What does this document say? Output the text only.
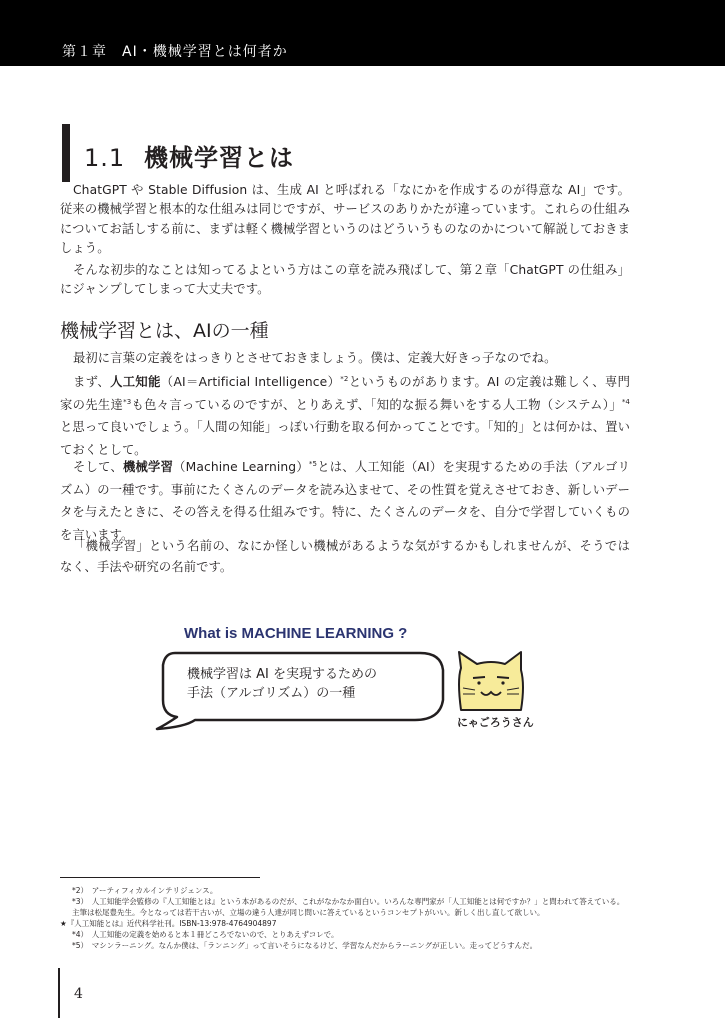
第１章　AI・機械学習とは何者か
1.1 機械学習とは

ChatGPT や Stable Diffusion は、生成 AI と呼ばれる「なにかを作成するのが得意な AI」です。従来の機械学習と根本的な仕組みは同じですが、サービスのありかたが違っています。これらの仕組みについてお話しする前に、まずは軽く機械学習というのはどういうものなのかについて解説しておきましょう。

そんな初歩的なことは知ってるよという方はこの章を読み飛ばして、第２章「ChatGPT の仕組み」にジャンプしてしまって大丈夫です。

機械学習とは、AIの一種

最初に言葉の定義をはっきりとさせておきましょう。僕は、定義大好きっ子なのでね。

まず、人工知能（AI＝Artificial Intelligence）$^{*2}$というものがあります。AI の定義は難しく、専門家の先生達$^{*3}$も色々言っているのですが、とりあえず、「知的な振る舞いをする人工物（システム）」$^{*4}$と思って良いでしょう。「人間の知能」っぽい行動を取る何かってことです。「知的」とは何かは、置いておくとして。

そして、機械学習（Machine Learning）$^{*5}$とは、人工知能（AI）を実現するための手法（アルゴリズム）の一種です。事前にたくさんのデータを読み込ませて、その性質を覚えさせておき、新しいデータを与えたときに、その答えを得る仕組みです。特に、たくさんのデータを、自分で学習していくものを言います。

「機械学習」という名前の、なにか怪しい機械があるような気がするかもしれませんが、そうではなく、手法や研究の名前です。

What is MACHINE LEARNING ?
機械学習は AI を実現するための
手法（アルゴリズム）の一種
にゃごろうさん
*2）　アーティフィカルインテリジェンス。
*3）　人工知能学会監修の『人工知能とは』という本があるのだが、これがなかなか面白い。いろんな専門家が「人工知能とは何ですか？」と問われて答えている。主筆は松尾豊先生。今となっては若干古いが、立場の違う人達が同じ問いに答えているというコンセプトがいい。新しく出し直して欲しい。
★『人工知能とは』近代科学社刊。ISBN-13:978-4764904897
*4）　人工知能の定義を始めると本１冊どころでないので、とりあえずコレで。
*5）　マシンラーニング。なんか僕は、「ランニング」って言いそうになるけど、学習なんだからラーニングが正しい。走ってどうすんだ。
4
